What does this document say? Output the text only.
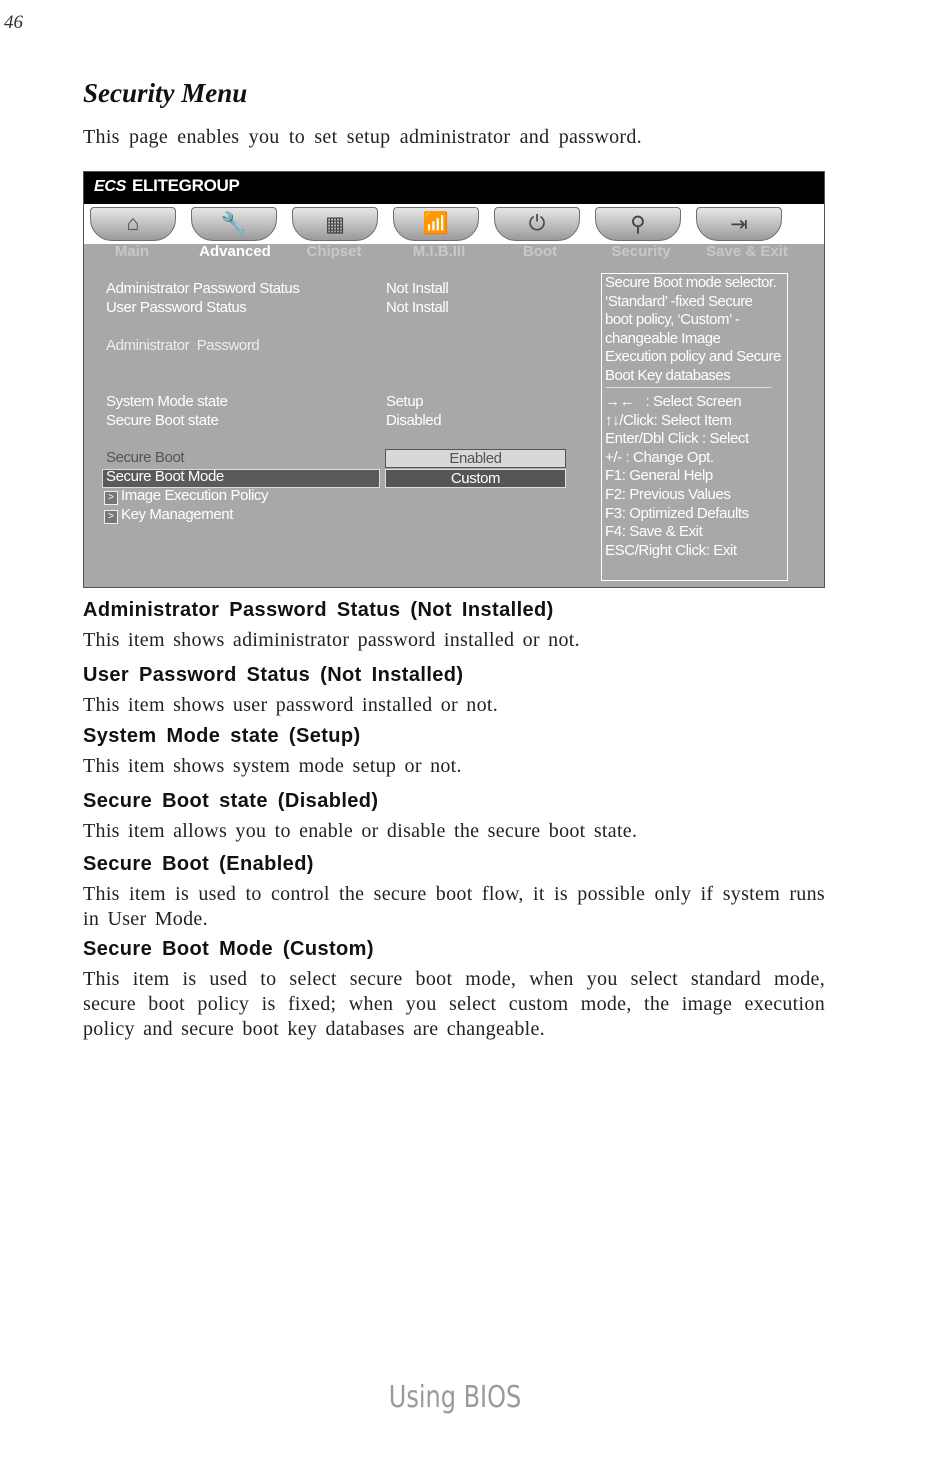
46
Security Menu
This page enables you to set setup administrator and password.
ECS ELITEGROUP
⌂	🔧	▦	📶	⏻	⚲	⇥
Main	Advanced	Chipset	M.I.B.III	Boot	Security	Save & Exit
Administrator Password Status	Not Install
User Password Status	Not Install
Administrator  Password
System Mode state	Setup
Secure Boot state	Disabled
Secure Boot	Enabled
Secure Boot Mode	Custom
> Image Execution Policy
> Key Management
Secure Boot mode selector.
‘Standard’ -fixed Secure
boot policy, ‘Custom’ -
changeable Image
Execution policy and Secure
Boot Key databases
→←   : Select Screen
↑↓/Click: Select Item
Enter/Dbl Click : Select
+/- : Change Opt.
F1: General Help
F2: Previous Values
F3: Optimized Defaults
F4: Save & Exit
ESC/Right Click: Exit
Administrator Password Status (Not Installed)
This item shows adiministrator password installed or not.
User Password Status (Not Installed)
This item shows user password installed or not.
System Mode state (Setup)
This item shows system mode setup or not.
Secure Boot state (Disabled)
This item allows you to enable or disable the secure boot state.
Secure Boot (Enabled)
This item is used to control the secure boot flow, it is possible only if system runs in User Mode.
Secure Boot Mode (Custom)
This item is used to select secure boot mode, when you select standard mode, secure boot policy is fixed; when you select custom mode, the image execution policy and secure boot key databases are changeable.
Using BIOS
